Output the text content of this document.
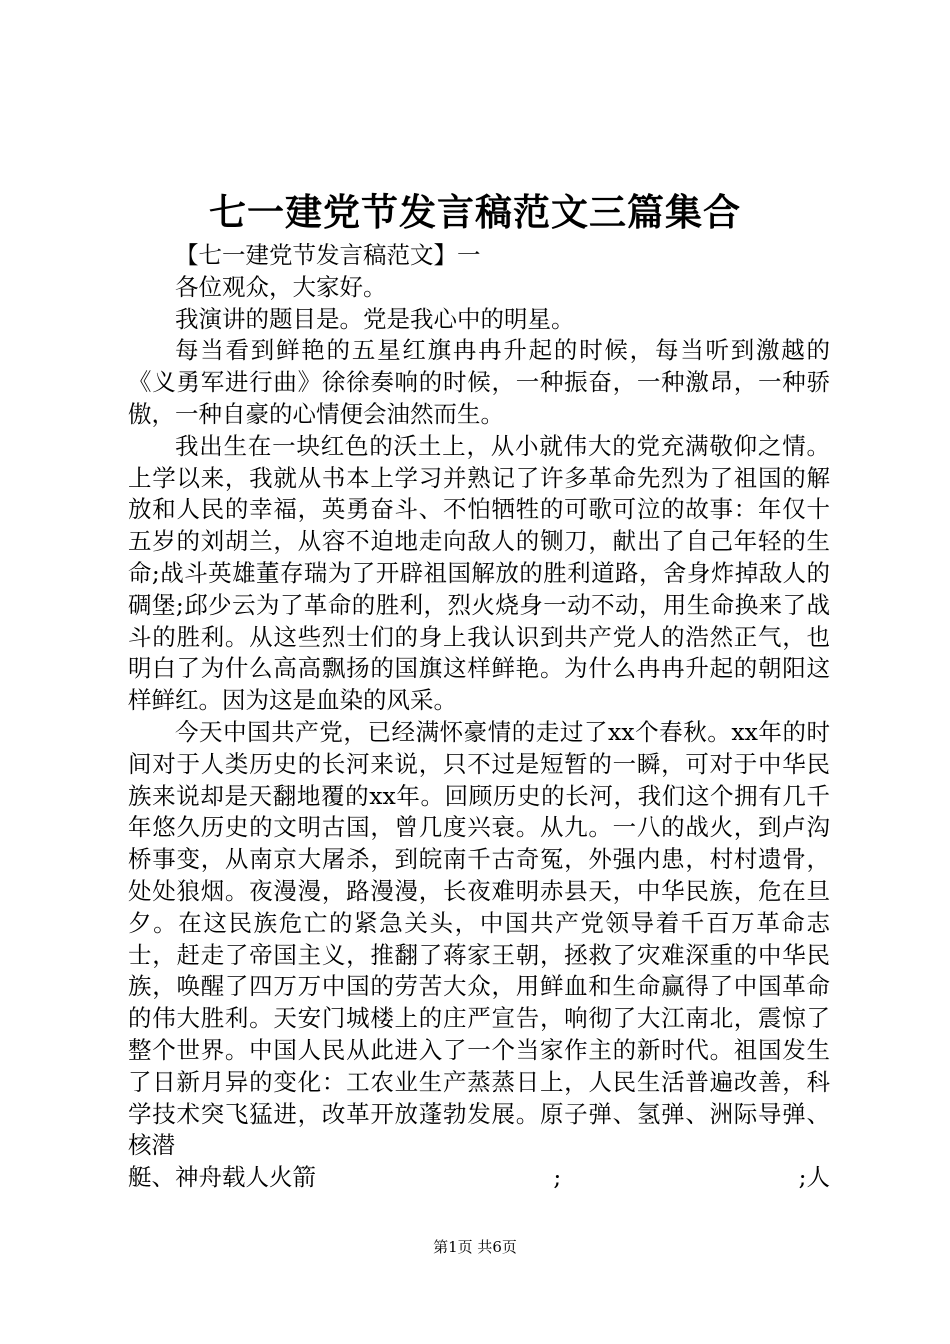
七一建党节发言稿范文三篇集合

【七一建党节发言稿范文】一

各位观众，大家好。

我演讲的题目是。党是我心中的明星。

每当看到鲜艳的五星红旗冉冉升起的时候，每当听到激越的《义勇军进行曲》徐徐奏响的时候，一种振奋，一种激昂，一种骄傲，一种自豪的心情便会油然而生。

我出生在一块红色的沃土上，从小就伟大的党充满敬仰之情。上学以来，我就从书本上学习并熟记了许多革命先烈为了祖国的解放和人民的幸福，英勇奋斗、不怕牺牲的可歌可泣的故事：年仅十五岁的刘胡兰，从容不迫地走向敌人的铡刀，献出了自己年轻的生命;战斗英雄董存瑞为了开辟祖国解放的胜利道路，舍身炸掉敌人的碉堡;邱少云为了革命的胜利，烈火烧身一动不动，用生命换来了战斗的胜利。从这些烈士们的身上我认识到共产党人的浩然正气，也明白了为什么高高飘扬的国旗这样鲜艳。为什么冉冉升起的朝阳这样鲜红。因为这是血染的风采。

今天中国共产党，已经满怀豪情的走过了xx个春秋。xx年的时间对于人类历史的长河来说，只不过是短暂的一瞬，可对于中华民族来说却是天翻地覆的xx年。回顾历史的长河，我们这个拥有几千年悠久历史的文明古国，曾几度兴衰。从九。一八的战火，到卢沟桥事变，从南京大屠杀，到皖南千古奇冤，外强内患，村村遗骨，处处狼烟。夜漫漫，路漫漫，长夜难明赤县天，中华民族，危在旦夕。在这民族危亡的紧急关头，中国共产党领导着千百万革命志士，赶走了帝国主义，推翻了蒋家王朝，拯救了灾难深重的中华民族，唤醒了四万万中国的劳苦大众，用鲜血和生命赢得了中国革命的伟大胜利。天安门城楼上的庄严宣告，响彻了大江南北，震惊了整个世界。中国人民从此进入了一个当家作主的新时代。祖国发生了日新月异的变化：工农业生产蒸蒸日上，人民生活普遍改善，科学技术突飞猛进，改革开放蓬勃发展。原子弹、氢弹、洲际导弹、核潜

艇、神舟载人火箭	;	;人
第1页 共6页
